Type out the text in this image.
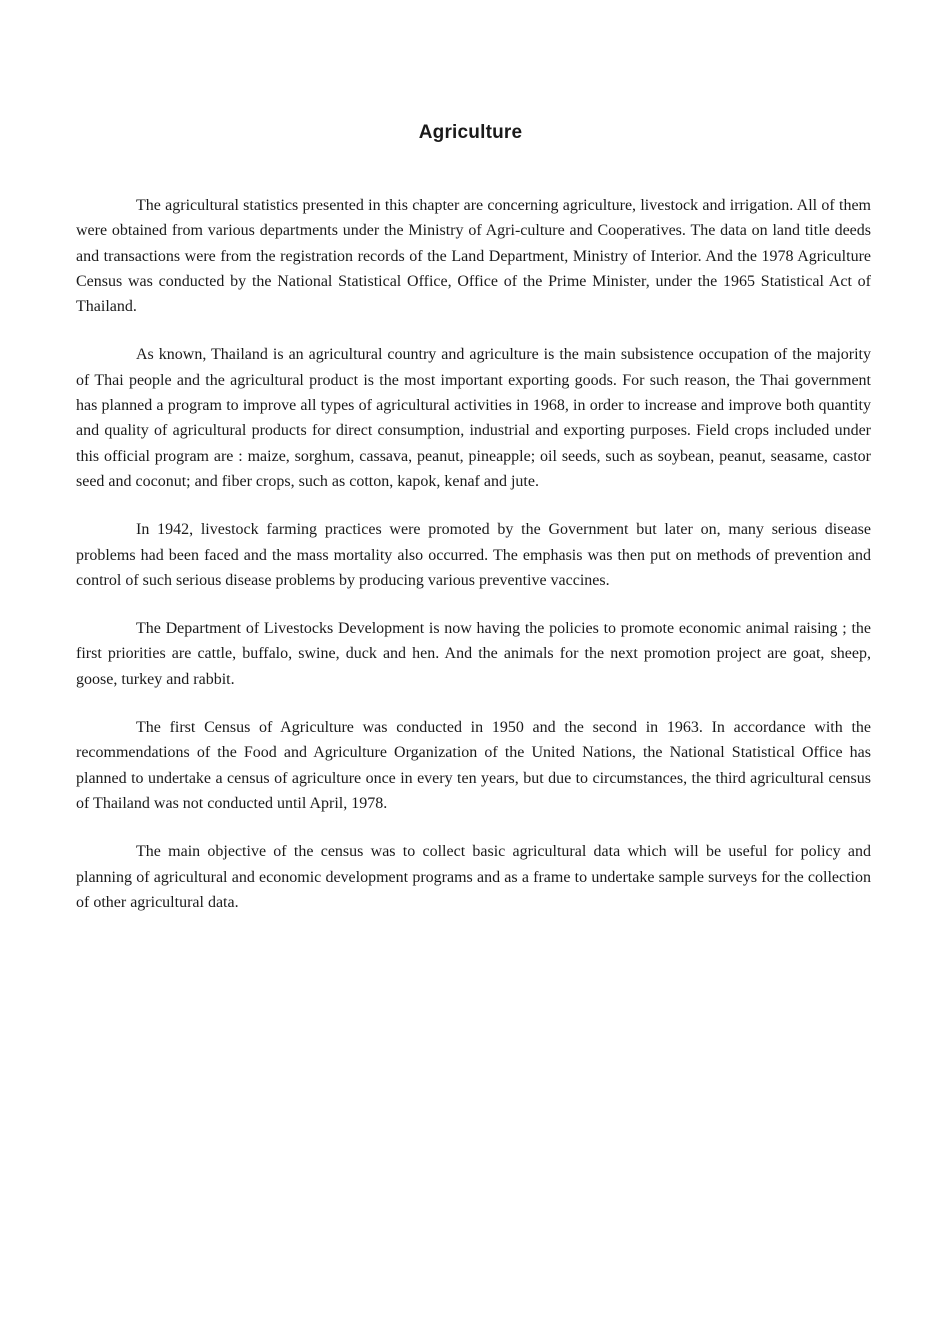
Agriculture

The agricultural statistics presented in this chapter are concerning agriculture, livestock and irrigation. All of them were obtained from various departments under the Ministry of Agri-culture and Cooperatives. The data on land title deeds and transactions were from the registration records of the Land Department, Ministry of Interior. And the 1978 Agriculture Census was conducted by the National Statistical Office, Office of the Prime Minister, under the 1965 Statistical Act of Thailand.

As known, Thailand is an agricultural country and agriculture is the main subsistence occupation of the majority of Thai people and the agricultural product is the most important exporting goods. For such reason, the Thai government has planned a program to improve all types of agricultural activities in 1968, in order to increase and improve both quantity and quality of agricultural products for direct consumption, industrial and exporting purposes. Field crops included under this official program are : maize, sorghum, cassava, peanut, pineapple; oil seeds, such as soybean, peanut, seasame, castor seed and coconut; and fiber crops, such as cotton, kapok, kenaf and jute.

In 1942, livestock farming practices were promoted by the Government but later on, many serious disease problems had been faced and the mass mortality also occurred. The emphasis was then put on methods of prevention and control of such serious disease problems by producing various preventive vaccines.

The Department of Livestocks Development is now having the policies to promote economic animal raising ; the first priorities are cattle, buffalo, swine, duck and hen. And the animals for the next promotion project are goat, sheep, goose, turkey and rabbit.

The first Census of Agriculture was conducted in 1950 and the second in 1963. In accordance with the recommendations of the Food and Agriculture Organization of the United Nations, the National Statistical Office has planned to undertake a census of agriculture once in every ten years, but due to circumstances, the third agricultural census of Thailand was not conducted until April, 1978.

The main objective of the census was to collect basic agricultural data which will be useful for policy and planning of agricultural and economic development programs and as a frame to undertake sample surveys for the collection of other agricultural data.
